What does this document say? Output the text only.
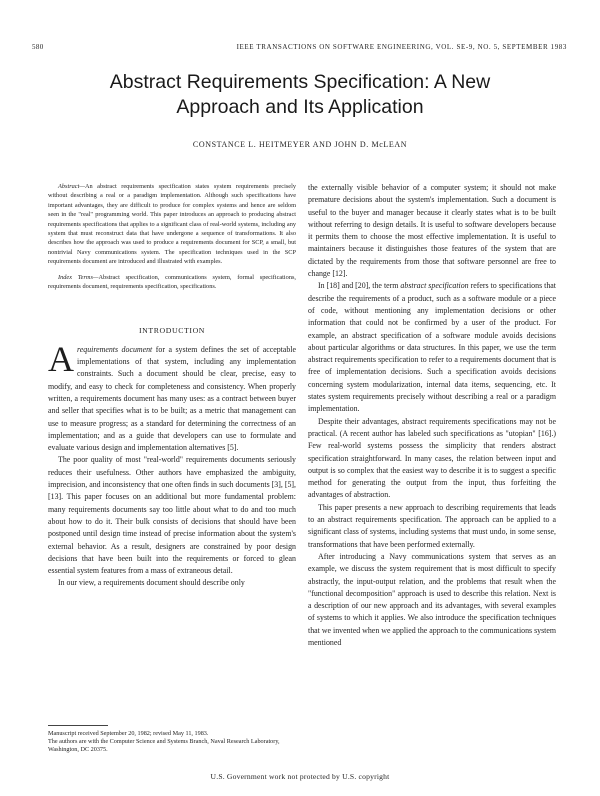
580	IEEE TRANSACTIONS ON SOFTWARE ENGINEERING, VOL. SE-9, NO. 5, SEPTEMBER 1983
Abstract Requirements Specification: A New
Approach and Its Application
CONSTANCE L. HEITMEYER AND JOHN D. McLEAN

Abstract—An abstract requirements specification states system requirements precisely without describing a real or a paradigm implementation. Although such specifications have important advantages, they are difficult to produce for complex systems and hence are seldom seen in the "real" programming world. This paper introduces an approach to producing abstract requirements specifications that applies to a significant class of real-world systems, including any system that must reconstruct data that have undergone a sequence of transformations. It also describes how the approach was used to produce a requirements document for SCP, a small, but nontrivial Navy communications system. The specification techniques used in the SCP requirements document are introduced and illustrated with examples.

Index Terms—Abstract specification, communications system, formal specifications, requirements document, requirements specification, specifications.

INTRODUCTION

Arequirements document for a system defines the set of acceptable implementations of that system, including any implementation constraints. Such a document should be clear, precise, easy to modify, and easy to check for completeness and consistency. When properly written, a requirements document has many uses: as a contract between buyer and seller that specifies what is to be built; as a metric that management can use to measure progress; as a standard for determining the correctness of an implementation; and as a guide that developers can use to formulate and evaluate various design and implementation alternatives [5].

The poor quality of most "real-world" requirements documents seriously reduces their usefulness. Other authors have emphasized the ambiguity, imprecision, and inconsistency that one often finds in such documents [3], [5], [13]. This paper focuses on an additional but more fundamental problem: many requirements documents say too little about what to do and too much about how to do it. Their bulk consists of decisions that should have been postponed until design time instead of precise information about the system's external behavior. As a result, designers are constrained by poor design decisions that have been built into the requirements or forced to glean essential system features from a mass of extraneous detail.

In our view, a requirements document should describe only

the externally visible behavior of a computer system; it should not make premature decisions about the system's implementation. Such a document is useful to the buyer and manager because it clearly states what is to be built without referring to design details. It is useful to software developers because it permits them to choose the most effective implementation. It is useful to maintainers because it distinguishes those features of the system that are dictated by the requirements from those that software personnel are free to change [12].

In [18] and [20], the term abstract specification refers to specifications that describe the requirements of a product, such as a software module or a piece of code, without mentioning any implementation decisions or other information that could not be confirmed by a user of the product. For example, an abstract specification of a software module avoids decisions about particular algorithms or data structures. In this paper, we use the term abstract requirements specification to refer to a requirements document that is free of implementation decisions. Such a specification avoids decisions concerning system modularization, internal data items, sequencing, etc. It states system requirements precisely without describing a real or a paradigm implementation.

Despite their advantages, abstract requirements specifications may not be practical. (A recent author has labeled such specifications as "utopian" [16].) Few real-world systems possess the simplicity that renders abstract specification straightforward. In many cases, the relation between input and output is so complex that the easiest way to describe it is to suggest a specific method for generating the output from the input, thus forfeiting the advantages of abstraction.

This paper presents a new approach to describing requirements that leads to an abstract requirements specification. The approach can be applied to a significant class of systems, including systems that must undo, in some sense, transformations that have been performed externally.

After introducing a Navy communications system that serves as an example, we discuss the system requirement that is most difficult to specify abstractly, the input-output relation, and the problems that result when the "functional decomposition" approach is used to describe this relation. Next is a description of our new approach and its advantages, with several examples of systems to which it applies. We also introduce the specification techniques that we invented when we applied the approach to the communications system mentioned

Manuscript received September 20, 1982; revised May 11, 1983.
The authors are with the Computer Science and Systems Branch, Naval Research Laboratory, Washington, DC 20375.
U.S. Government work not protected by U.S. copyright
